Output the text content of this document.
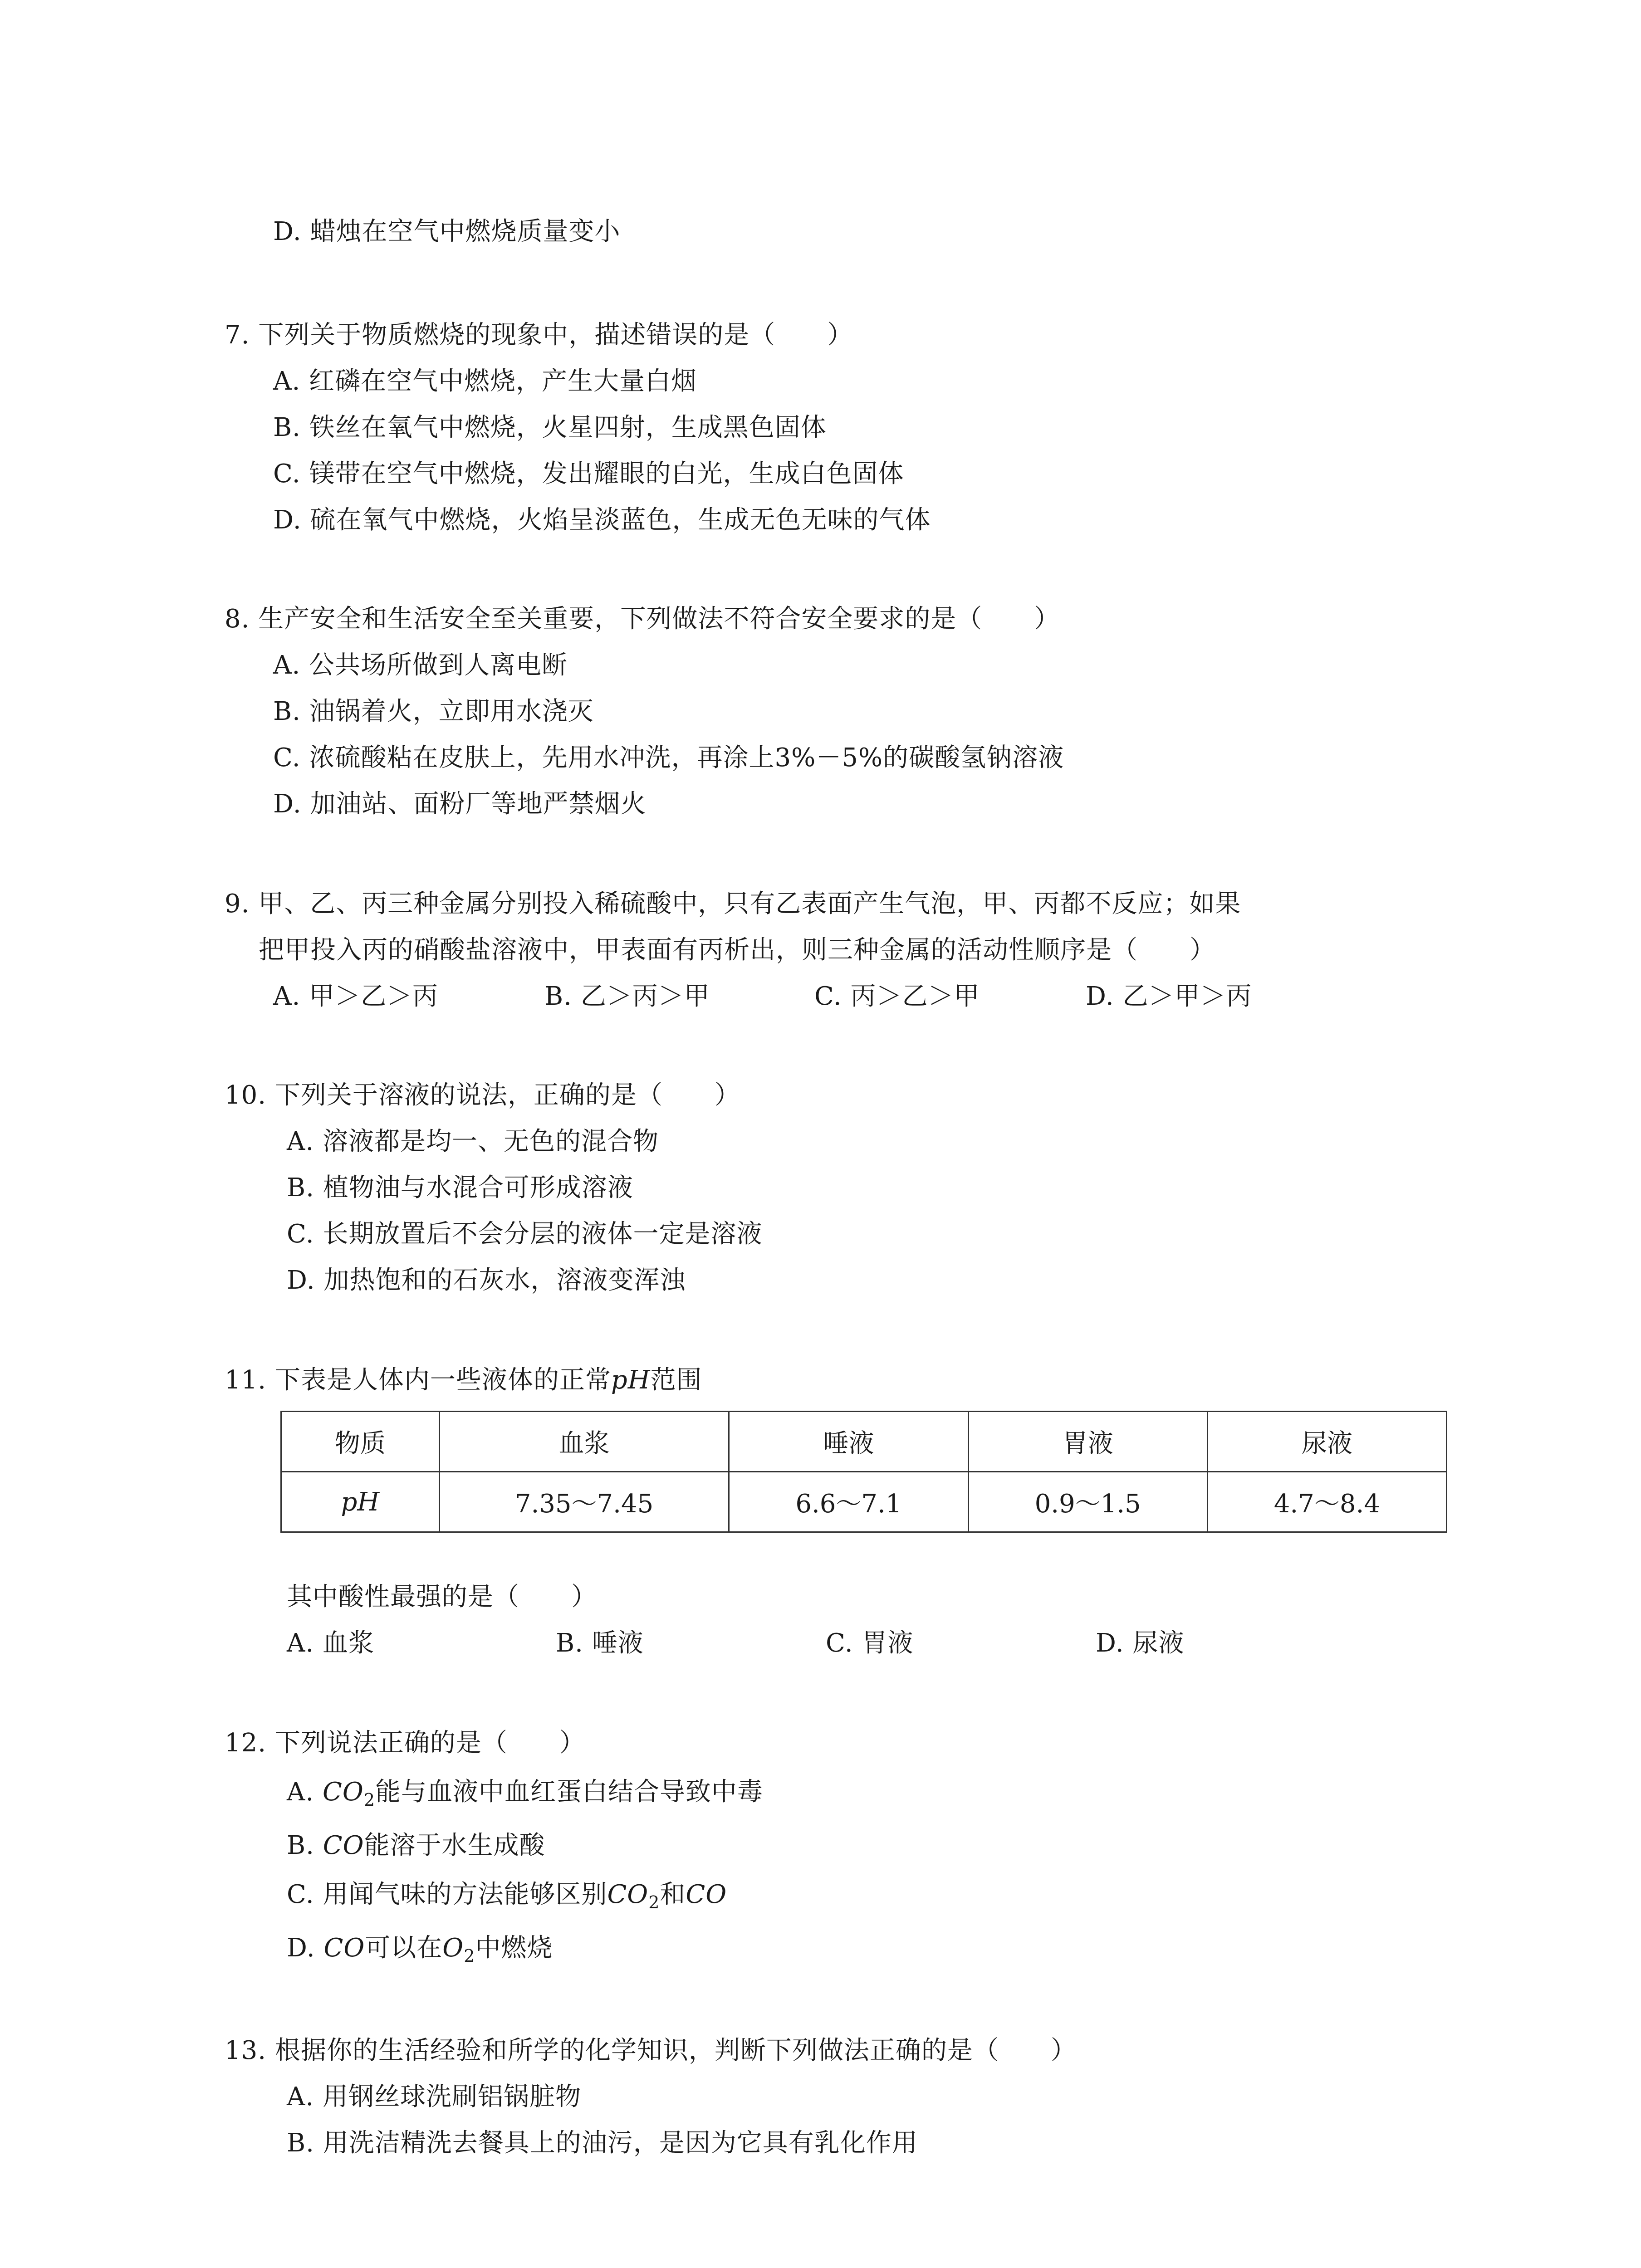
D. 蜡烛在空气中燃烧质量变小
7. 下列关于物质燃烧的现象中，描述错误的是（　　）
A. 红磷在空气中燃烧，产生大量白烟
B. 铁丝在氧气中燃烧，火星四射，生成黑色固体
C. 镁带在空气中燃烧，发出耀眼的白光，生成白色固体
D. 硫在氧气中燃烧，火焰呈淡蓝色，生成无色无味的气体
8. 生产安全和生活安全至关重要，下列做法不符合安全要求的是（　　）
A. 公共场所做到人离电断
B. 油锅着火，立即用水浇灭
C. 浓硫酸粘在皮肤上，先用水冲洗，再涂上3%－5%的碳酸氢钠溶液
D. 加油站、面粉厂等地严禁烟火
9. 甲、乙、丙三种金属分别投入稀硫酸中，只有乙表面产生气泡，甲、丙都不反应；如果
把甲投入丙的硝酸盐溶液中，甲表面有丙析出，则三种金属的活动性顺序是（　　）
A. 甲＞乙＞丙	B. 乙＞丙＞甲	C. 丙＞乙＞甲	D. 乙＞甲＞丙
10. 下列关于溶液的说法，正确的是（　　）
A. 溶液都是均一、无色的混合物
B. 植物油与水混合可形成溶液
C. 长期放置后不会分层的液体一定是溶液
D. 加热饱和的石灰水，溶液变浑浊
11. 下表是人体内一些液体的正常pH范围
物质	血浆	唾液	胃液	尿液
pH	7.35～7.45	6.6～7.1	0.9～1.5	4.7～8.4
其中酸性最强的是（　　）
A. 血浆	B. 唾液	C. 胃液	D. 尿液
12. 下列说法正确的是（　　）
A. $CO_2$能与血液中血红蛋白结合导致中毒
B. CO能溶于水生成酸
C. 用闻气味的方法能够区别$CO_2$和CO
D. CO可以在$O_2$中燃烧
13. 根据你的生活经验和所学的化学知识，判断下列做法正确的是（　　）
A. 用钢丝球洗刷铝锅脏物
B. 用洗洁精洗去餐具上的油污，是因为它具有乳化作用
